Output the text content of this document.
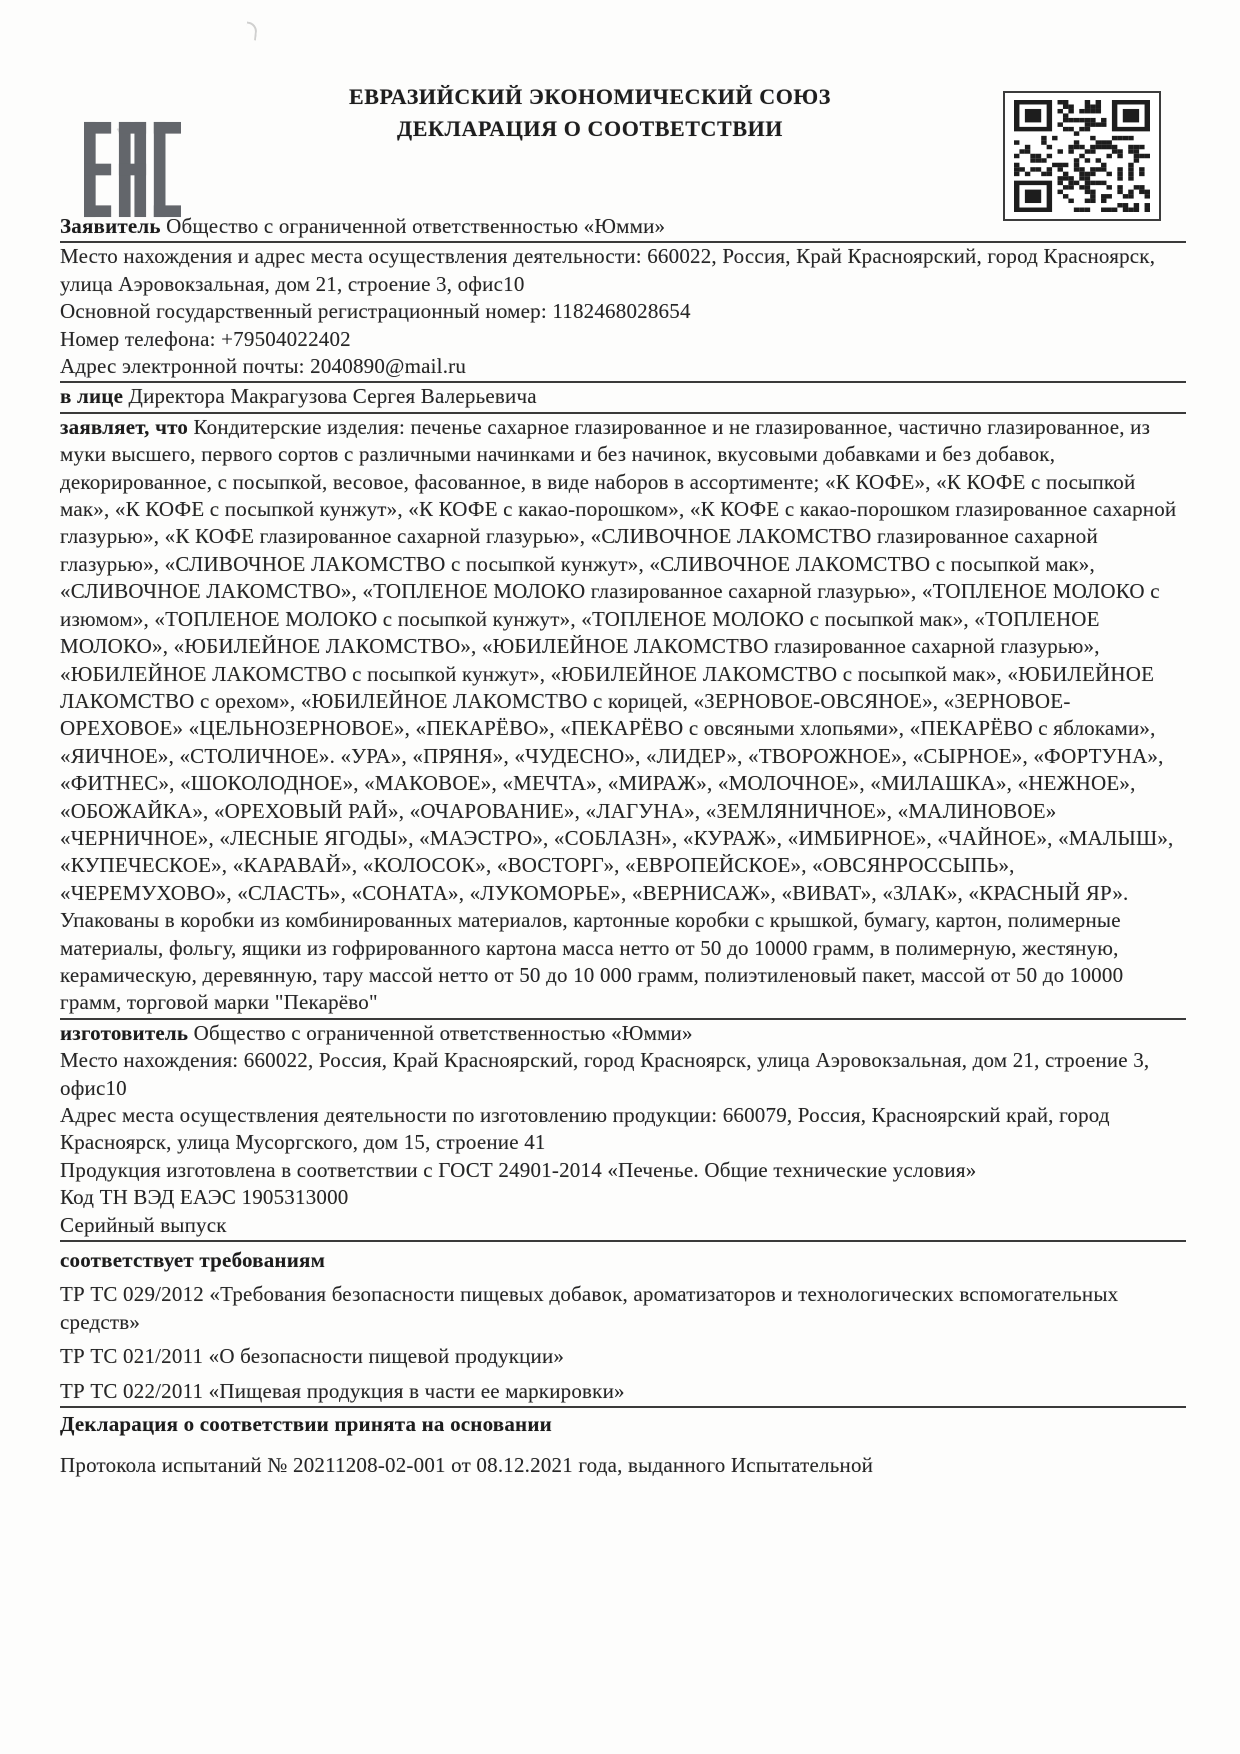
ЕВРАЗИЙСКИЙ ЭКОНОМИЧЕСКИЙ СОЮЗ
ДЕКЛАРАЦИЯ О СООТВЕТСТВИИ

Заявитель Общество с ограниченной ответственностью «Юмми»

Место нахождения и адрес места осуществления деятельности: 660022, Россия, Край Красноярский, город Красноярск, улица Аэровокзальная, дом 21, строение 3, офис10

Основной государственный регистрационный номер: 1182468028654

Номер телефона: +79504022402

Адрес электронной почты: 2040890@mail.ru

в лице Директора Макрагузова Сергея Валерьевича

заявляет, что Кондитерские изделия: печенье сахарное глазированное и не глазированное, частично глазированное, из муки высшего, первого сортов с различными начинками и без начинок, вкусовыми добавками и без добавок, декорированное, с посыпкой, весовое, фасованное, в виде наборов в ассортименте; «К КОФЕ», «К КОФЕ с посыпкой мак», «К КОФЕ с посыпкой кунжут», «К КОФЕ с какао-порошком», «К КОФЕ с какао-порошком глазированное сахарной глазурью», «К КОФЕ глазированное сахарной глазурью», «СЛИВОЧНОЕ ЛАКОМСТВО глазированное сахарной глазурью», «СЛИВОЧНОЕ ЛАКОМСТВО с посыпкой кунжут», «СЛИВОЧНОЕ ЛАКОМСТВО с посыпкой мак», «СЛИВОЧНОЕ ЛАКОМСТВО», «ТОПЛЕНОЕ МОЛОКО глазированное сахарной глазурью», «ТОПЛЕНОЕ МОЛОКО с изюмом», «ТОПЛЕНОЕ МОЛОКО с посыпкой кунжут», «ТОПЛЕНОЕ МОЛОКО с посыпкой мак», «ТОПЛЕНОЕ МОЛОКО», «ЮБИЛЕЙНОЕ ЛАКОМСТВО», «ЮБИЛЕЙНОЕ ЛАКОМСТВО глазированное сахарной глазурью», «ЮБИЛЕЙНОЕ ЛАКОМСТВО с посыпкой кунжут», «ЮБИЛЕЙНОЕ ЛАКОМСТВО с посыпкой мак», «ЮБИЛЕЙНОЕ ЛАКОМСТВО с орехом», «ЮБИЛЕЙНОЕ ЛАКОМСТВО с корицей, «ЗЕРНОВОЕ-ОВСЯНОЕ», «ЗЕРНОВОЕ-ОРЕХОВОЕ» «ЦЕЛЬНОЗЕРНОВОЕ», «ПЕКАРЁВО», «ПЕКАРЁВО с овсяными хлопьями», «ПЕКАРЁВО с яблоками», «ЯИЧНОЕ», «СТОЛИЧНОЕ». «УРА», «ПРЯНЯ», «ЧУДЕСНО», «ЛИДЕР», «ТВОРОЖНОЕ», «СЫРНОЕ», «ФОРТУНА», «ФИТНЕС», «ШОКОЛОДНОЕ», «МАКОВОЕ», «МЕЧТА», «МИРАЖ», «МОЛОЧНОЕ», «МИЛАШКА», «НЕЖНОЕ», «ОБОЖАЙКА», «ОРЕХОВЫЙ РАЙ», «ОЧАРОВАНИЕ», «ЛАГУНА», «ЗЕМЛЯНИЧНОЕ», «МАЛИНОВОЕ» «ЧЕРНИЧНОЕ», «ЛЕСНЫЕ ЯГОДЫ», «МАЭСТРО», «СОБЛАЗН», «КУРАЖ», «ИМБИРНОЕ», «ЧАЙНОЕ», «МАЛЫШ», «КУПЕЧЕСКОЕ», «КАРАВАЙ», «КОЛОСОК», «ВОСТОРГ», «ЕВРОПЕЙСКОЕ», «ОВСЯНРОССЫПЬ», «ЧЕРЕМУХОВО», «СЛАСТЬ», «СОНАТА», «ЛУКОМОРЬЕ», «ВЕРНИСАЖ», «ВИВАТ», «ЗЛАК», «КРАСНЫЙ ЯР». Упакованы в коробки из комбинированных материалов, картонные коробки с крышкой, бумагу, картон, полимерные материалы, фольгу, ящики из гофрированного картона масса нетто от 50 до 10000 грамм, в полимерную, жестяную, керамическую, деревянную, тару массой нетто от 50 до 10 000 грамм, полиэтиленовый пакет, массой от 50 до 10000 грамм, торговой марки "Пекарёво"

изготовитель Общество с ограниченной ответственностью «Юмми»

Место нахождения: 660022, Россия, Край Красноярский, город Красноярск, улица Аэровокзальная, дом 21, строение 3, офис10

Адрес места осуществления деятельности по изготовлению продукции: 660079, Россия, Красноярский край, город Красноярск, улица Мусоргского, дом 15, строение 41

Продукция изготовлена в соответствии с ГОСТ 24901-2014 «Печенье. Общие технические условия»

Код ТН ВЭД ЕАЭС 1905313000

Серийный выпуск

соответствует требованиям

ТР ТС 029/2012 «Требования безопасности пищевых добавок, ароматизаторов и технологических вспомогательных средств»

ТР ТС 021/2011 «О безопасности пищевой продукции»

ТР ТС 022/2011 «Пищевая продукция в части ее маркировки»

Декларация о соответствии принята на основании

Протокола испытаний № 20211208-02-001 от 08.12.2021 года, выданного Испытательной
